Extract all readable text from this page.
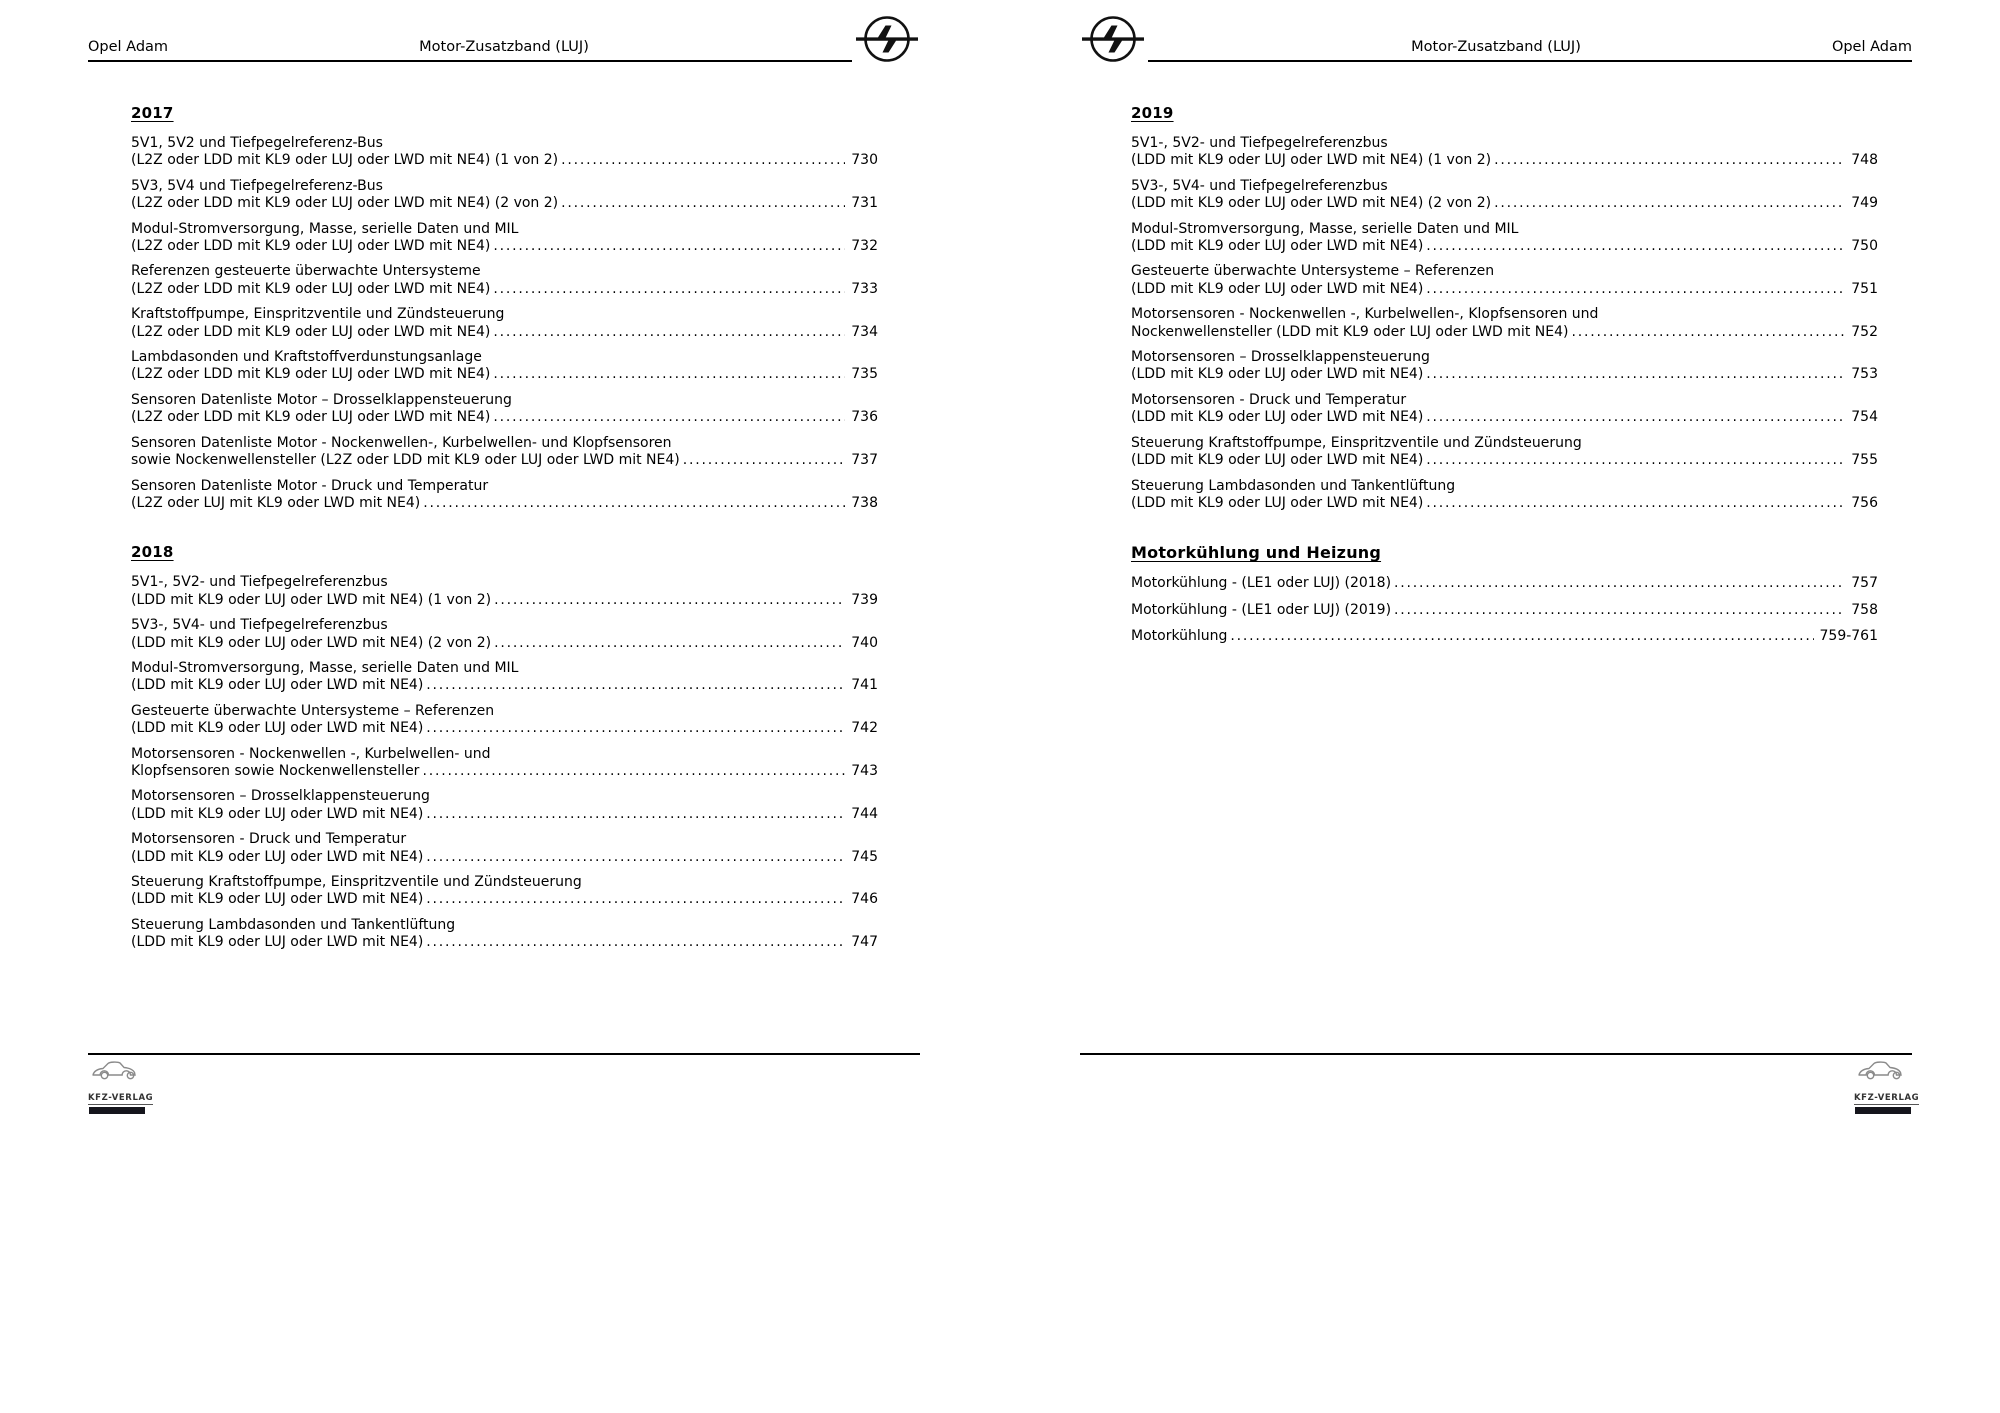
Opel Adam	Motor-Zusatzband (LUJ)
2017
5V1, 5V2 und Tiefpegelreferenz-Bus
(L2Z oder LDD mit KL9 oder LUJ oder LWD mit NE4) (1 von 2) .....	730
5V3, 5V4 und Tiefpegelreferenz-Bus
(L2Z oder LDD mit KL9 oder LUJ oder LWD mit NE4) (2 von 2) .....	731
Modul-Stromversorgung, Masse, serielle Daten und MIL
(L2Z oder LDD mit KL9 oder LUJ oder LWD mit NE4) .....	732
Referenzen gesteuerte überwachte Untersysteme
(L2Z oder LDD mit KL9 oder LUJ oder LWD mit NE4) .....	733
Kraftstoffpumpe, Einspritzventile und Zündsteuerung
(L2Z oder LDD mit KL9 oder LUJ oder LWD mit NE4) .....	734
Lambdasonden und Kraftstoffverdunstungsanlage
(L2Z oder LDD mit KL9 oder LUJ oder LWD mit NE4) .....	735
Sensoren Datenliste Motor – Drosselklappensteuerung
(L2Z oder LDD mit KL9 oder LUJ oder LWD mit NE4) .....	736
Sensoren Datenliste Motor - Nockenwellen-, Kurbelwellen- und Klopfsensoren
sowie Nockenwellensteller (L2Z oder LDD mit KL9 oder LUJ oder LWD mit NE4) .....	737
Sensoren Datenliste Motor - Druck und Temperatur
(L2Z oder LUJ mit KL9 oder LWD mit NE4) .....	738
2018
5V1-, 5V2- und Tiefpegelreferenzbus
(LDD mit KL9 oder LUJ oder LWD mit NE4) (1 von 2) .....	739
5V3-, 5V4- und Tiefpegelreferenzbus
(LDD mit KL9 oder LUJ oder LWD mit NE4) (2 von 2) .....	740
Modul-Stromversorgung, Masse, serielle Daten und MIL
(LDD mit KL9 oder LUJ oder LWD mit NE4) .....	741
Gesteuerte überwachte Untersysteme – Referenzen
(LDD mit KL9 oder LUJ oder LWD mit NE4) .....	742
Motorsensoren - Nockenwellen -, Kurbelwellen- und
Klopfsensoren sowie Nockenwellensteller .....	743
Motorsensoren – Drosselklappensteuerung
(LDD mit KL9 oder LUJ oder LWD mit NE4) .....	744
Motorsensoren - Druck und Temperatur
(LDD mit KL9 oder LUJ oder LWD mit NE4) .....	745
Steuerung Kraftstoffpumpe, Einspritzventile und Zündsteuerung
(LDD mit KL9 oder LUJ oder LWD mit NE4) .....	746
Steuerung Lambdasonden und Tankentlüftung
(LDD mit KL9 oder LUJ oder LWD mit NE4) .....	747
KFZ-VERLAG
Motor-Zusatzband (LUJ)	Opel Adam
2019
5V1-, 5V2- und Tiefpegelreferenzbus
(LDD mit KL9 oder LUJ oder LWD mit NE4) (1 von 2) .....	748
5V3-, 5V4- und Tiefpegelreferenzbus
(LDD mit KL9 oder LUJ oder LWD mit NE4) (2 von 2) .....	749
Modul-Stromversorgung, Masse, serielle Daten und MIL
(LDD mit KL9 oder LUJ oder LWD mit NE4) .....	750
Gesteuerte überwachte Untersysteme – Referenzen
(LDD mit KL9 oder LUJ oder LWD mit NE4) .....	751
Motorsensoren - Nockenwellen -, Kurbelwellen-, Klopfsensoren und
Nockenwellensteller (LDD mit KL9 oder LUJ oder LWD mit NE4) .....	752
Motorsensoren – Drosselklappensteuerung
(LDD mit KL9 oder LUJ oder LWD mit NE4) .....	753
Motorsensoren - Druck und Temperatur
(LDD mit KL9 oder LUJ oder LWD mit NE4) .....	754
Steuerung Kraftstoffpumpe, Einspritzventile und Zündsteuerung
(LDD mit KL9 oder LUJ oder LWD mit NE4) .....	755
Steuerung Lambdasonden und Tankentlüftung
(LDD mit KL9 oder LUJ oder LWD mit NE4) .....	756
Motorkühlung und Heizung
Motorkühlung - (LE1 oder LUJ) (2018) .....	757
Motorkühlung - (LE1 oder LUJ) (2019) .....	758
Motorkühlung .....	759-761
KFZ-VERLAG
